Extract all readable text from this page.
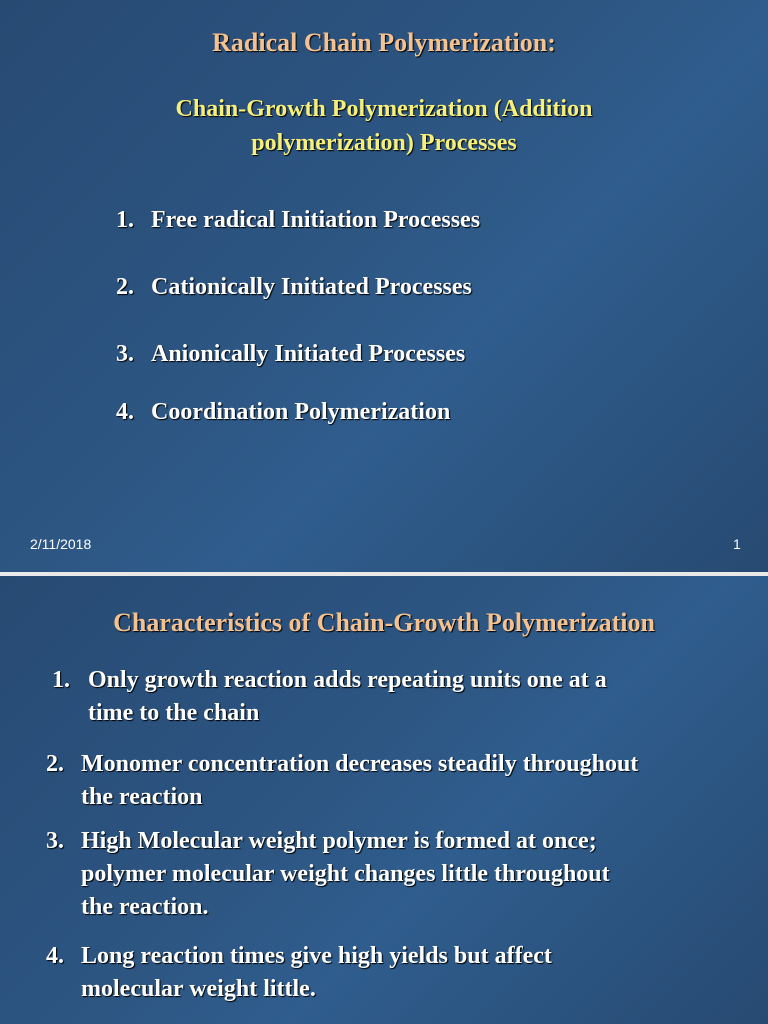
Radical Chain Polymerization:
Chain-Growth Polymerization (Addition
polymerization) Processes
1. Free radical Initiation Processes
2. Cationically Initiated Processes
3. Anionically Initiated Processes
4. Coordination Polymerization
2/11/2018	1
Characteristics of Chain-Growth Polymerization
1. Only growth reaction adds repeating units one at a
time to the chain
2. Monomer concentration decreases steadily throughout
the reaction
3. High Molecular weight polymer is formed at once;
polymer molecular weight changes little throughout
the reaction.
4. Long reaction times give high yields but affect
molecular weight little.
